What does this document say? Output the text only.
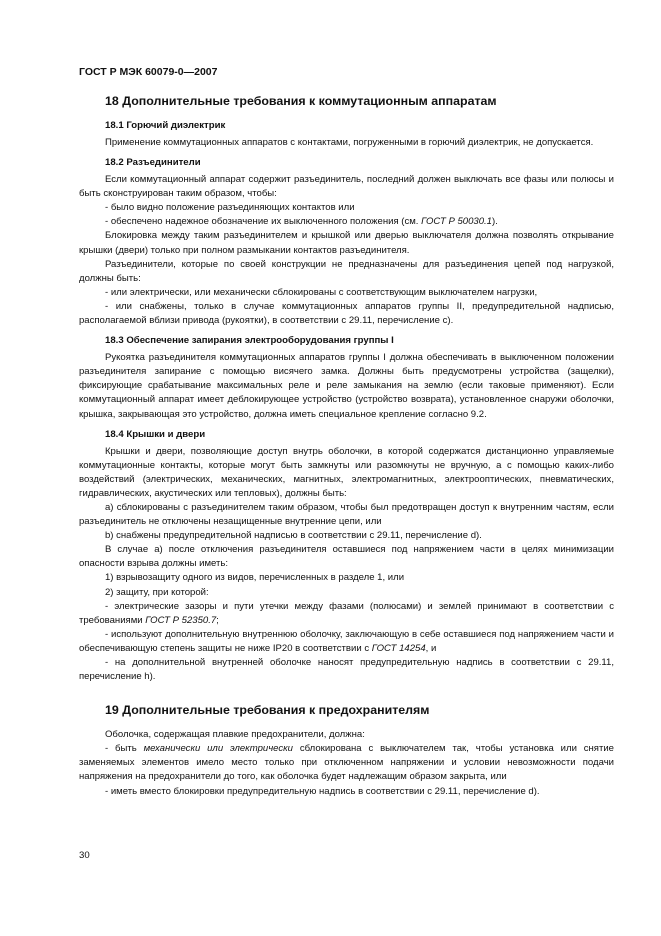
ГОСТ Р МЭК 60079-0—2007
18 Дополнительные требования к коммутационным аппаратам
18.1 Горючий диэлектрик

Применение коммутационных аппаратов с контактами, погруженными в горючий диэлектрик, не допускается.

18.2 Разъединители

Если коммутационный аппарат содержит разъединитель, последний должен выключать все фазы или полюсы и быть сконструирован таким образом, чтобы:

- было видно положение разъединяющих контактов или

- обеспечено надежное обозначение их выключенного положения (см. ГОСТ Р 50030.1).

Блокировка между таким разъединителем и крышкой или дверью выключателя должна позволять открывание крышки (двери) только при полном размыкании контактов разъединителя.

Разъединители, которые по своей конструкции не предназначены для разъединения цепей под нагрузкой, должны быть:

- или электрически, или механически сблокированы с соответствующим выключателем нагрузки,

- или снабжены, только в случае коммутационных аппаратов группы II, предупредительной надписью, располагаемой вблизи привода (рукоятки), в соответствии с 29.11, перечисление c).

18.3 Обеспечение запирания электрооборудования группы I

Рукоятка разъединителя коммутационных аппаратов группы I должна обеспечивать в выключенном положении разъединителя запирание с помощью висячего замка. Должны быть предусмотрены устройства (защелки), фиксирующие срабатывание максимальных реле и реле замыкания на землю (если таковые применяют). Если коммутационный аппарат имеет деблокирующее устройство (устройство возврата), установленное снаружи оболочки, крышка, закрывающая это устройство, должна иметь специальное крепление согласно 9.2.

18.4 Крышки и двери

Крышки и двери, позволяющие доступ внутрь оболочки, в которой содержатся дистанционно управляемые коммутационные контакты, которые могут быть замкнуты или разомкнуты не вручную, а с помощью каких-либо воздействий (электрических, механических, магнитных, электромагнитных, электрооптических, пневматических, гидравлических, акустических или тепловых), должны быть:

a) сблокированы с разъединителем таким образом, чтобы был предотвращен доступ к внутренним частям, если разъединитель не отключены незащищенные внутренние цепи, или

b) снабжены предупредительной надписью в соответствии с 29.11, перечисление d).

В случае а) после отключения разъединителя оставшиеся под напряжением части в целях минимизации опасности взрыва должны иметь:

1) взрывозащиту одного из видов, перечисленных в разделе 1, или

2) защиту, при которой:

- электрические зазоры и пути утечки между фазами (полюсами) и землей принимают в соответствии с требованиями ГОСТ Р 52350.7;

- используют дополнительную внутреннюю оболочку, заключающую в себе оставшиеся под напряжением части и обеспечивающую степень защиты не ниже IP20 в соответствии с ГОСТ 14254, и

- на дополнительной внутренней оболочке наносят предупредительную надпись в соответствии с 29.11, перечисление h).

19 Дополнительные требования к предохранителям

Оболочка, содержащая плавкие предохранители, должна:

- быть механически или электрически сблокирована с выключателем так, чтобы установка или снятие заменяемых элементов имело место только при отключенном напряжении и условии невозможности подачи напряжения на предохранители до того, как оболочка будет надлежащим образом закрыта, или

- иметь вместо блокировки предупредительную надпись в соответствии с 29.11, перечисление d).

30
